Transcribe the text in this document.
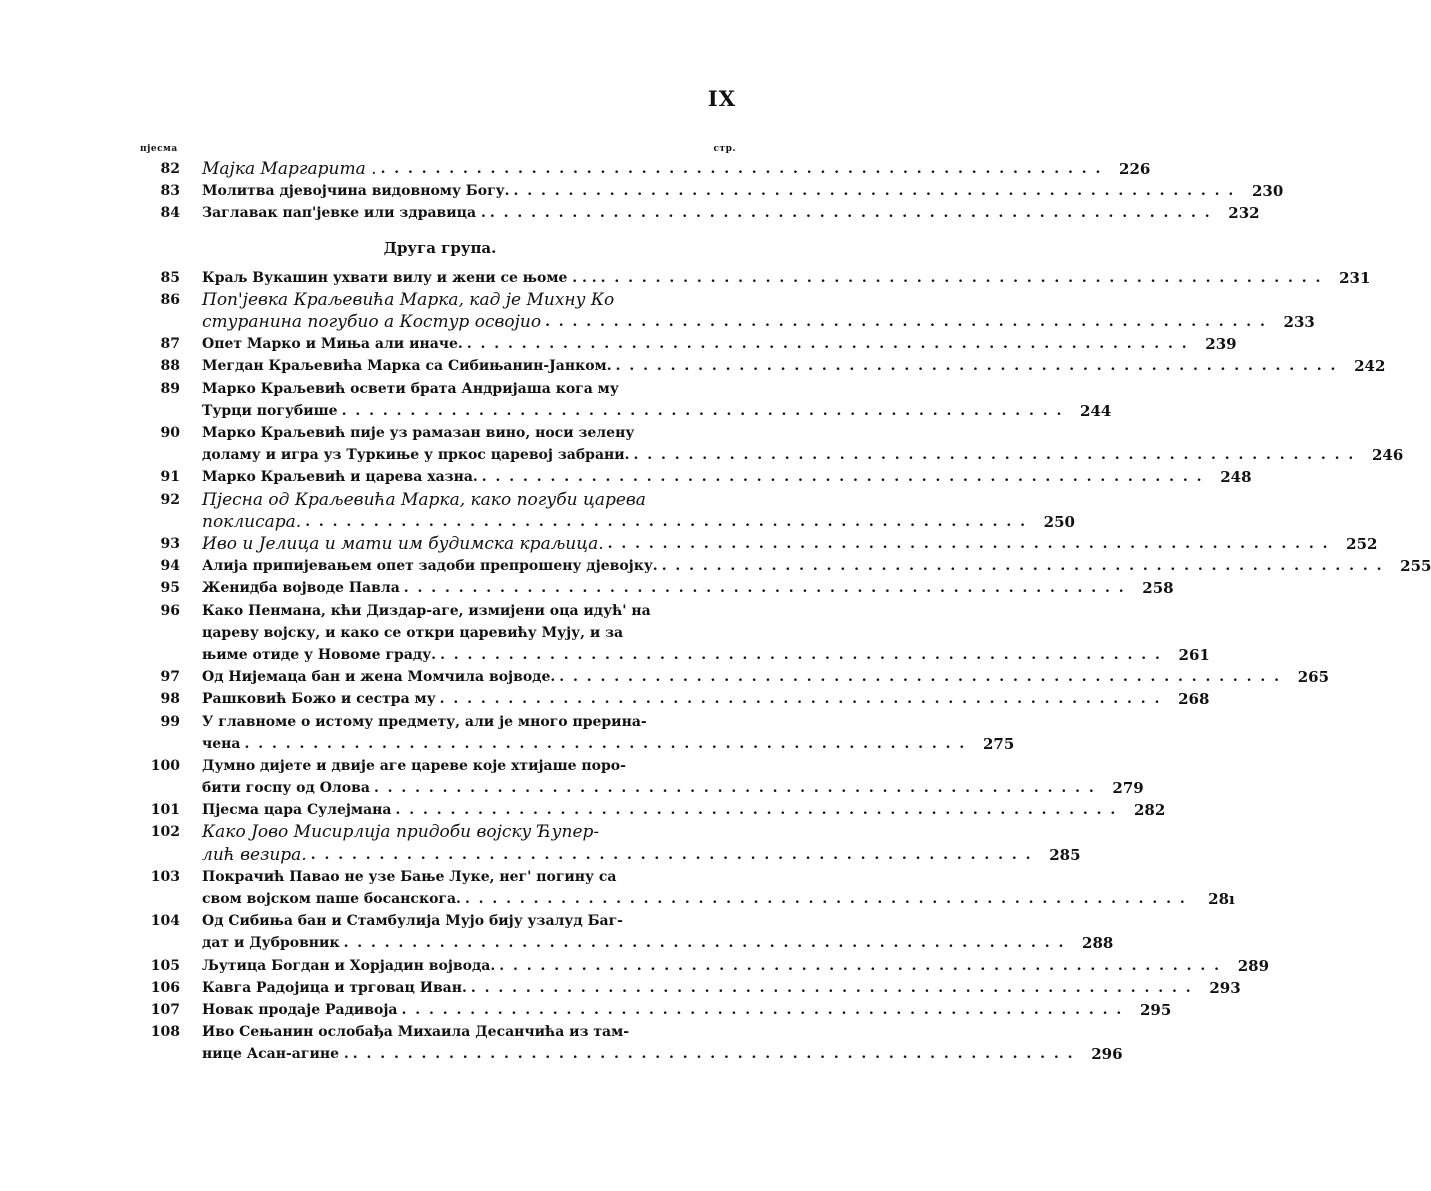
IX
пјесма	стр.
82 Мајка Маргарита . . . .	226
83 Молитва дјевојчина видовному Богу. . . .	230
84 Заглавак пап'јевке или здравица . . . .	232
Друга група.
85 Краљ Вукашин ухвати вилу и жени се њоме . . . . . .	231
86 Поп'јевка Краљевића Марка, кад је Михну Ко
стуранина погубио а Костур освојио . . .	233
87 Опет Марко и Миња али иначе. . . .	239
88 Мегдан Краљевића Марка са Сибињанин-Јанком. . . .	242
89 Марко Краљевић освети брата Андријаша кога му
Турци погубише . . .	244
90 Марко Краљевић пије уз рамазан вино, носи зелену
доламу и игра уз Туркиње у пркос царевој забрани. . . .	246
91 Марко Краљевић и царева хазна. . . .	248
92 Пјесна од Краљевића Марка, како погуби царева
поклисара. . . .	250
93 Иво и Јелица и мати им будимска краљица. . . .	252
94 Алија припијевањем опет задоби препрошену дјевојку. . . .	255
95 Женидба војводе Павла . . .	258
96 Како Пенмана, кћи Диздар-аге, измијени оца идућ' на
цареву војску, и како се откри царевићу Мују, и за
њиме отиде у Новоме граду. . . .	261
97 Од Нијемаца бан и жена Момчила војводе. . . .	265
98 Рашковић Божо и сестра му . . .	268
99 У главноме о истому предмету, али је много прерина-
чена . . .	275
100 Думно дијете и двије аге цареве које хтијаше поро-
бити госпу од Олова . . .	279
101 Пјесма цара Сулејмана . . .	282
102 Како Јово Мисирлија придоби војску Ћупер-
лић везира. . . .	285
103 Покрачић Павао не узе Бање Луке, нег' погину са
свом војском паше босанскога. . . .	28ı
104 Од Сибиња бан и Стамбулија Мујо бију узалуд Баг-
дат и Дубровник . . .	288
105 Љутица Богдан и Хорјадин војвода. . . .	289
106 Кавга Радојица и трговац Иван. . . .	293
107 Новак продаје Радивоја . . .	295
108 Иво Сењанин ослобађа Михаила Десанчића из там-
нице Асан-агине . . . .	296
